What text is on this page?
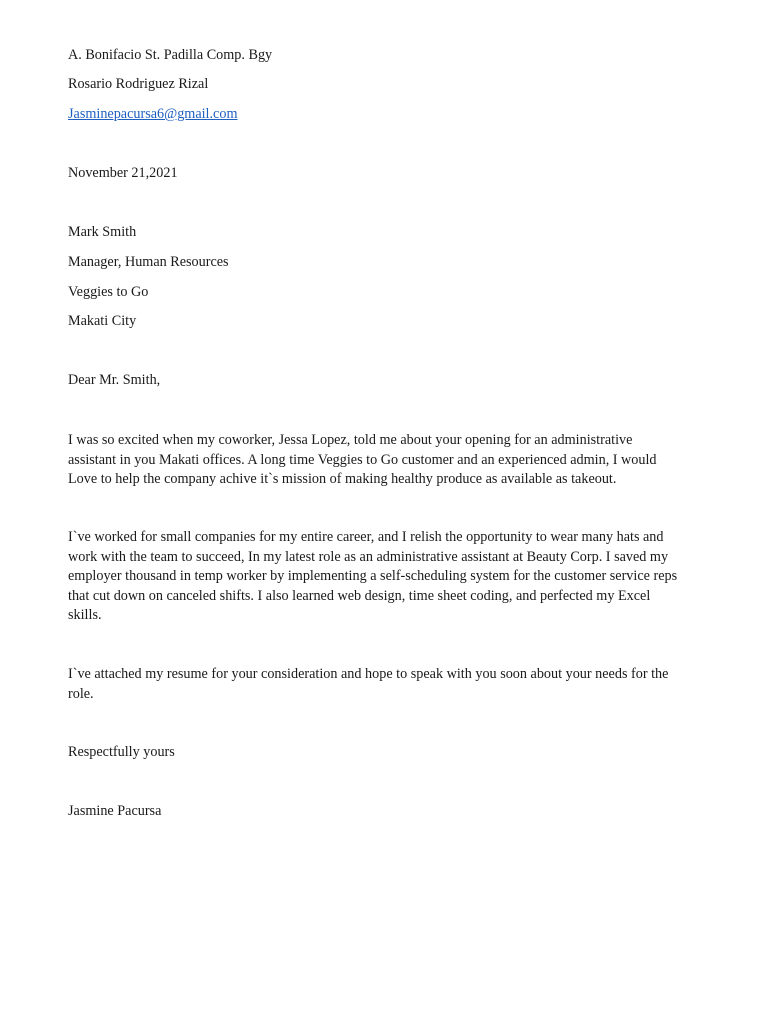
A. Bonifacio St. Padilla Comp. Bgy
Rosario Rodriguez Rizal
Jasminepacursa6@gmail.com
November 21,2021
Mark Smith
Manager, Human Resources
Veggies to Go
Makati City
Dear Mr. Smith,
I was so excited when my coworker, Jessa Lopez, told me about your opening for an administrative
assistant in you Makati offices. A long time Veggies to Go customer and an experienced admin, I would
Love to help the company achive it`s mission of making healthy produce as available as takeout.
I`ve worked for small companies for my entire career, and I relish the opportunity to wear many hats and
work with the team to succeed, In my latest role as an administrative assistant at Beauty Corp. I saved my
employer thousand in temp worker by implementing a self-scheduling system for the customer service reps
that cut down on canceled shifts. I also learned web design, time sheet coding, and perfected my Excel
skills.
I`ve attached my resume for your consideration and hope to speak with you soon about your needs for the
role.
Respectfully yours
Jasmine Pacursa
